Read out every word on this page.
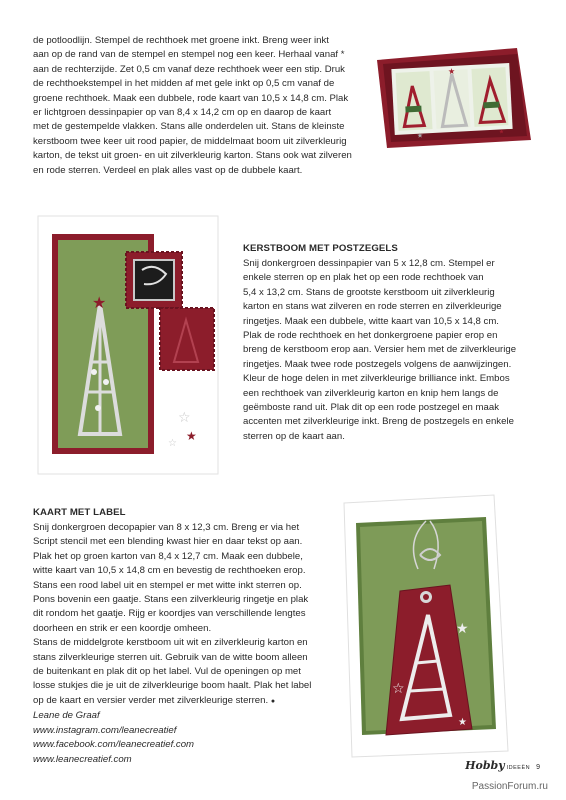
de potloodlijn. Stempel de rechthoek met groene inkt. Breng weer inkt
aan op de rand van de stempel en stempel nog een keer. Herhaal vanaf *
aan de rechterzijde. Zet 0,5 cm vanaf deze rechthoek weer een stip. Druk
de rechthoekstempel in het midden af met gele inkt op 0,5 cm vanaf de
groene rechthoek. Maak een dubbele, rode kaart van 10,5 x 14,8 cm. Plak
er lichtgroen dessinpapier op van 8,4 x 14,2 cm op en daarop de kaart
met de gestempelde vlakken. Stans alle onderdelen uit. Stans de kleinste
kerstboom twee keer uit rood papier, de middelmaat boom uit zilverkleurig
karton, de tekst uit groen- en uit zilverkleurig karton. Stans ook wat zilveren
en rode sterren. Verdeel en plak alles vast op de dubbele kaart.
★
★
★
★
☆
★
☆
KERSTBOOM MET POSTZEGELS
Snij donkergroen dessinpapier van 5 x 12,8 cm. Stempel er
enkele sterren op en plak het op een rode rechthoek van
5,4 x 13,2 cm. Stans de grootste kerstboom uit zilverkleurig
karton en stans wat zilveren en rode sterren en zilverkleurige
ringetjes. Maak een dubbele, witte kaart van 10,5 x 14,8 cm.
Plak de rode rechthoek en het donkergroene papier erop en
breng de kerstboom erop aan. Versier hem met de zilverkleurige
ringetjes. Maak twee rode postzegels volgens de aanwijzingen.
Kleur de hoge delen in met zilverkleurige brilliance inkt. Embos
een rechthoek van zilverkleurig karton en knip hem langs de
geëmboste rand uit. Plak dit op een rode postzegel en maak
accenten met zilverkleurige inkt. Breng de postzegels en enkele
sterren op de kaart aan.
KAART MET LABEL
Snij donkergroen decopapier van 8 x 12,3 cm. Breng er via het
Script stencil met een blending kwast hier en daar tekst op aan.
Plak het op groen karton van 8,4 x 12,7 cm. Maak een dubbele,
witte kaart van 10,5 x 14,8 cm en bevestig de rechthoeken erop.
Stans een rood label uit en stempel er met witte inkt sterren op.
Pons bovenin een gaatje. Stans een zilverkleurig ringetje en plak
dit rondom het gaatje. Rijg er koordjes van verschillende lengtes
doorheen en strik er een koordje omheen.
Stans de middelgrote kerstboom uit wit en zilverkleurig karton en
stans zilverkleurige sterren uit. Gebruik van de witte boom alleen
de buitenkant en plak dit op het label. Vul de openingen op met
losse stukjes die je uit de zilverkleurige boom haalt. Plak het label
op de kaart en versier verder met zilverkleurige sterren. ●
Leane de Graaf
www.instagram.com/leanecreatief
www.facebook.com/leanecreatief.com
www.leanecreatief.com
★
☆
★
Hobby IDEEËN 9
PassionForum.ru
